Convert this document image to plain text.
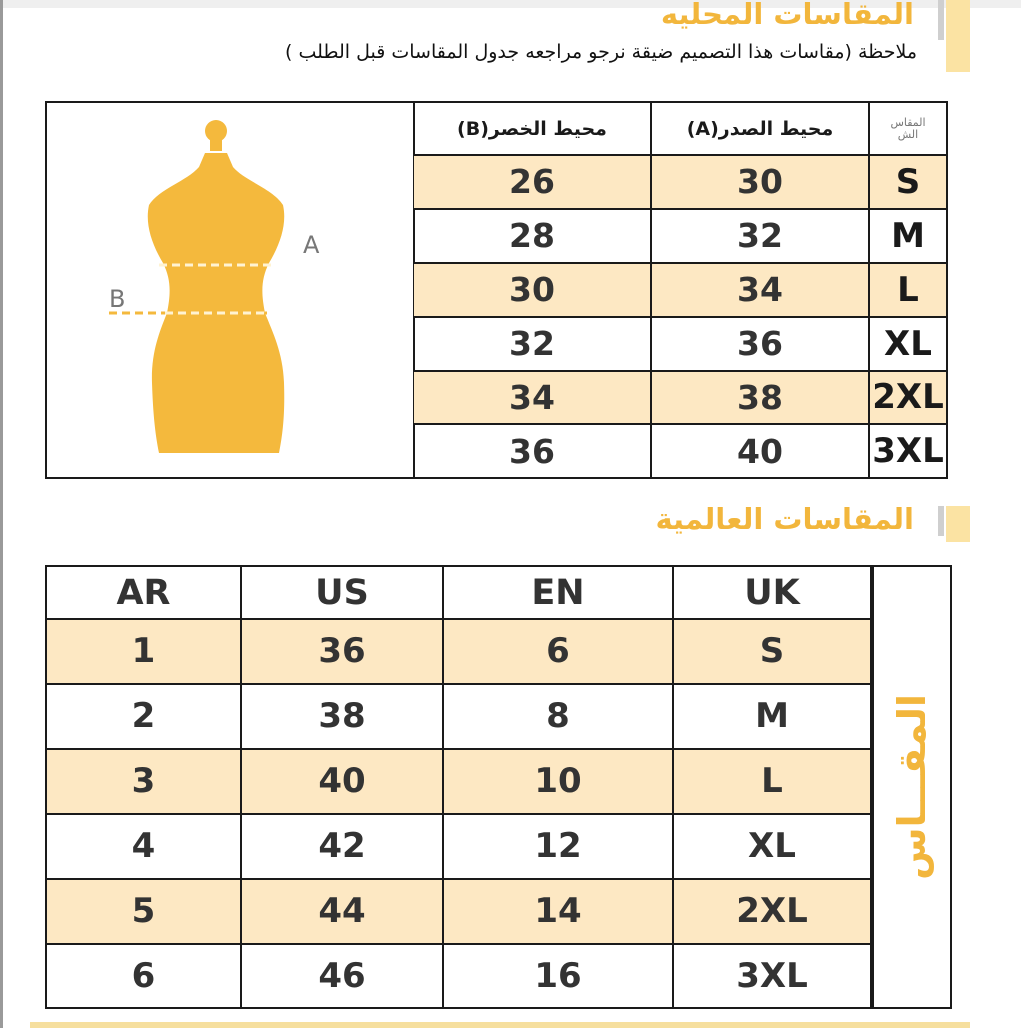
المقاسات المحليه
ملاحظة (مقاسات هذا التصميم ضيقة نرجو مراجعه جدول المقاسات قبل الطلب )

A
B
محيط الخصر(B)	محيط الصدر(A)	المقاس
الش
26	30	S
28	32	M
30	34	L
32	36	XL
34	38	2XL
36	40	3XL
المقاسات العالمية
AR	US	EN	UK
1	36	6	S
2	38	8	M
3	40	10	L
4	42	12	XL
5	44	14	2XL
6	46	16	3XL
المقـــاس
